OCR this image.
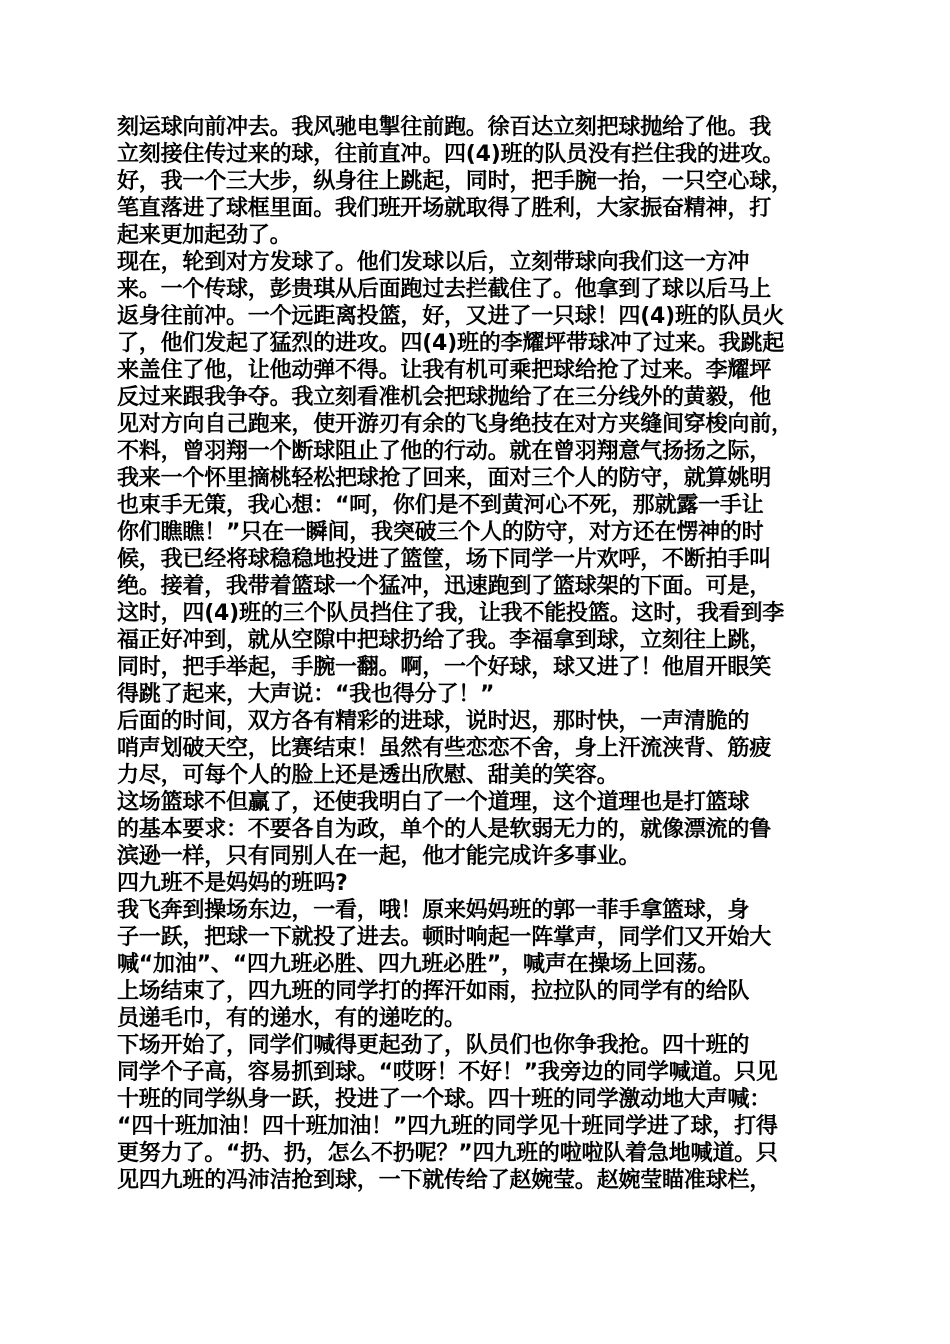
刻运球向前冲去。我风驰电掣往前跑。徐百达立刻把球抛给了他。我
立刻接住传过来的球，往前直冲。四(4)班的队员没有拦住我的进攻。
好，我一个三大步，纵身往上跳起，同时，把手腕一抬，一只空心球，
笔直落进了球框里面。我们班开场就取得了胜利，大家振奋精神，打
起来更加起劲了。
现在，轮到对方发球了。他们发球以后，立刻带球向我们这一方冲
来。一个传球，彭贵琪从后面跑过去拦截住了。他拿到了球以后马上
返身往前冲。一个远距离投篮，好，又进了一只球！四(4)班的队员火
了，他们发起了猛烈的进攻。四(4)班的李耀坪带球冲了过来。我跳起
来盖住了他，让他动弹不得。让我有机可乘把球给抢了过来。李耀坪
反过来跟我争夺。我立刻看准机会把球抛给了在三分线外的黄毅，他
见对方向自己跑来，使开游刃有余的飞身绝技在对方夹缝间穿梭向前，
不料，曾羽翔一个断球阻止了他的行动。就在曾羽翔意气扬扬之际，
我来一个怀里摘桃轻松把球抢了回来，面对三个人的防守，就算姚明
也束手无策，我心想：“呵，你们是不到黄河心不死，那就露一手让
你们瞧瞧！”只在一瞬间，我突破三个人的防守，对方还在愣神的时
候，我已经将球稳稳地投进了篮筐，场下同学一片欢呼，不断拍手叫
绝。接着，我带着篮球一个猛冲，迅速跑到了篮球架的下面。可是，
这时，四(4)班的三个队员挡住了我，让我不能投篮。这时，我看到李
福正好冲到，就从空隙中把球扔给了我。李福拿到球，立刻往上跳，
同时，把手举起，手腕一翻。啊，一个好球，球又进了！他眉开眼笑
得跳了起来，大声说：“我也得分了！”
后面的时间，双方各有精彩的进球，说时迟，那时快，一声清脆的
哨声划破天空，比赛结束！虽然有些恋恋不舍，身上汗流浃背、筋疲
力尽，可每个人的脸上还是透出欣慰、甜美的笑容。
这场篮球不但赢了，还使我明白了一个道理，这个道理也是打篮球
的基本要求：不要各自为政，单个的人是软弱无力的，就像漂流的鲁
滨逊一样，只有同别人在一起，他才能完成许多事业。
四九班不是妈妈的班吗?
我飞奔到操场东边，一看，哦！原来妈妈班的郭一菲手拿篮球，身
子一跃，把球一下就投了进去。顿时响起一阵掌声，同学们又开始大
喊“加油”、“四九班必胜、四九班必胜”，喊声在操场上回荡。
上场结束了，四九班的同学打的挥汗如雨，拉拉队的同学有的给队
员递毛巾，有的递水，有的递吃的。
下场开始了，同学们喊得更起劲了，队员们也你争我抢。四十班的
同学个子高，容易抓到球。“哎呀！不好！”我旁边的同学喊道。只见
十班的同学纵身一跃，投进了一个球。四十班的同学激动地大声喊：
“四十班加油！四十班加油！”四九班的同学见十班同学进了球，打得
更努力了。“扔、扔，怎么不扔呢？”四九班的啦啦队着急地喊道。只
见四九班的冯沛洁抢到球，一下就传给了赵婉莹。赵婉莹瞄准球栏，
